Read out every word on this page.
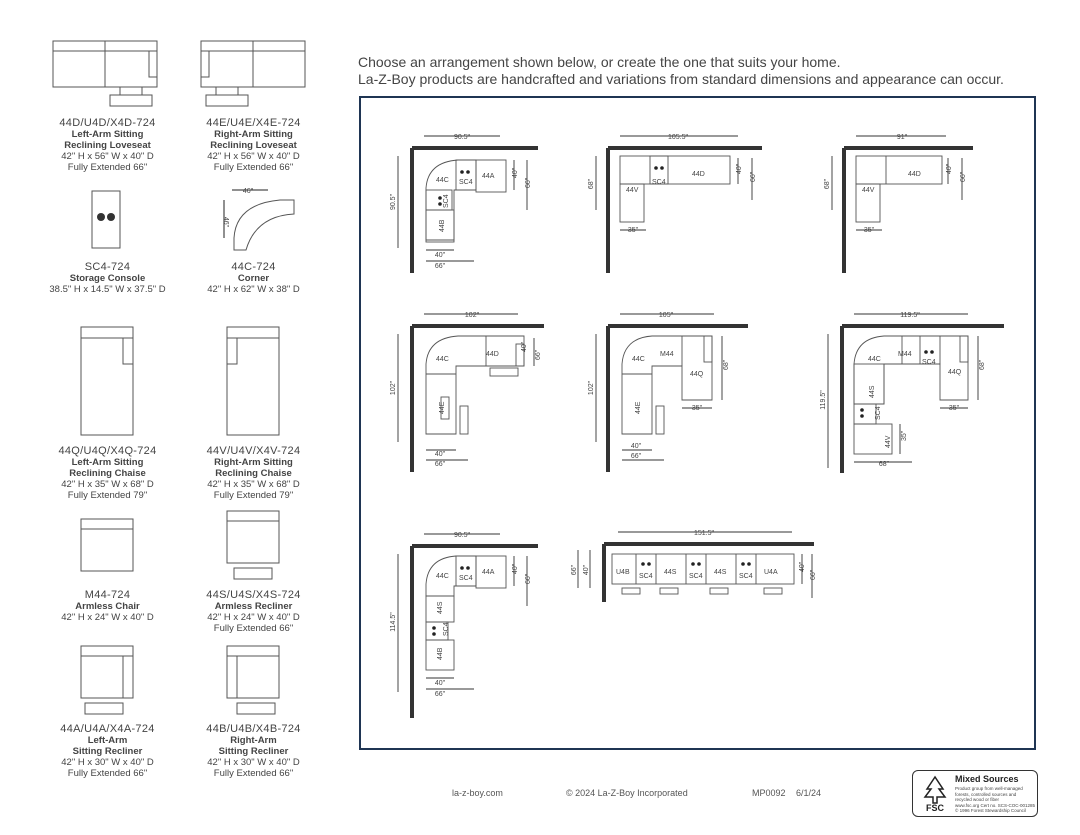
46"
46"
44D/U4D/X4D-724
Left-Arm Sitting
Reclining Loveseat
42" H x 56" W x 40" D
Fully Extended 66"
44E/U4E/X4E-724
Right-Arm Sitting
Reclining Loveseat
42" H x 56" W x 40" D
Fully Extended 66"
SC4-724
Storage Console
38.5" H x 14.5" W x 37.5" D
44C-724
Corner
42" H x 62" W x 38" D
44Q/U4Q/X4Q-724
Left-Arm Sitting
Reclining Chaise
42" H x 35" W x 68" D
Fully Extended 79"
44V/U4V/X4V-724
Right-Arm Sitting
Reclining Chaise
42" H x 35" W x 68" D
Fully Extended 79"
M44-724
Armless Chair
42" H x 24" W x 40" D
44S/U4S/X4S-724
Armless Recliner
42" H x 24" W x 40" D
Fully Extended 66"
44A/U4A/X4A-724
Left-Arm
Sitting Recliner
42" H x 30" W x 40" D
Fully Extended 66"
44B/U4B/X4B-724
Right-Arm
Sitting Recliner
42" H x 30" W x 40" D
Fully Extended 66"
Choose an arrangement shown below, or create the one that suits your home.
La-Z-Boy products are handcrafted and variations from standard dimensions and appearance can occur.
90.5"
90.5"
44C SC4
44A
SC4
44B
40"
66"
40"
66"
105.5"
68"	SC4
44D
44V
40"
66"
35"
91"
68"
44D
44V
40"
66"
35"
102"
102"
44C
44D
44E
40"
66"
40"
66"
105"
102"
44C
M44
44Q
44E
68"
35"
40"
66"
119.5"
119.5"
44C
M44
SC4
44Q
44S
SC4
44V
68"
35"
35"
68"
90.5"
114.5"
44C SC4
44A
44S
SC4
44B
40"
66"
40"
66"
151.5"
66"	U4B
SC4
44S
SC4
44S
SC4
U4A
40"	40"
66"
la-z-boy.com	© 2024 La-Z-Boy Incorporated	MP0092 6/1/24
FSC
Mixed Sources
Product group from well-managed
forests, controlled sources and
recycled wood or fiber
www.fsc.org Cert no. SCS-COC-001285
© 1996 Forest Stewardship Council
